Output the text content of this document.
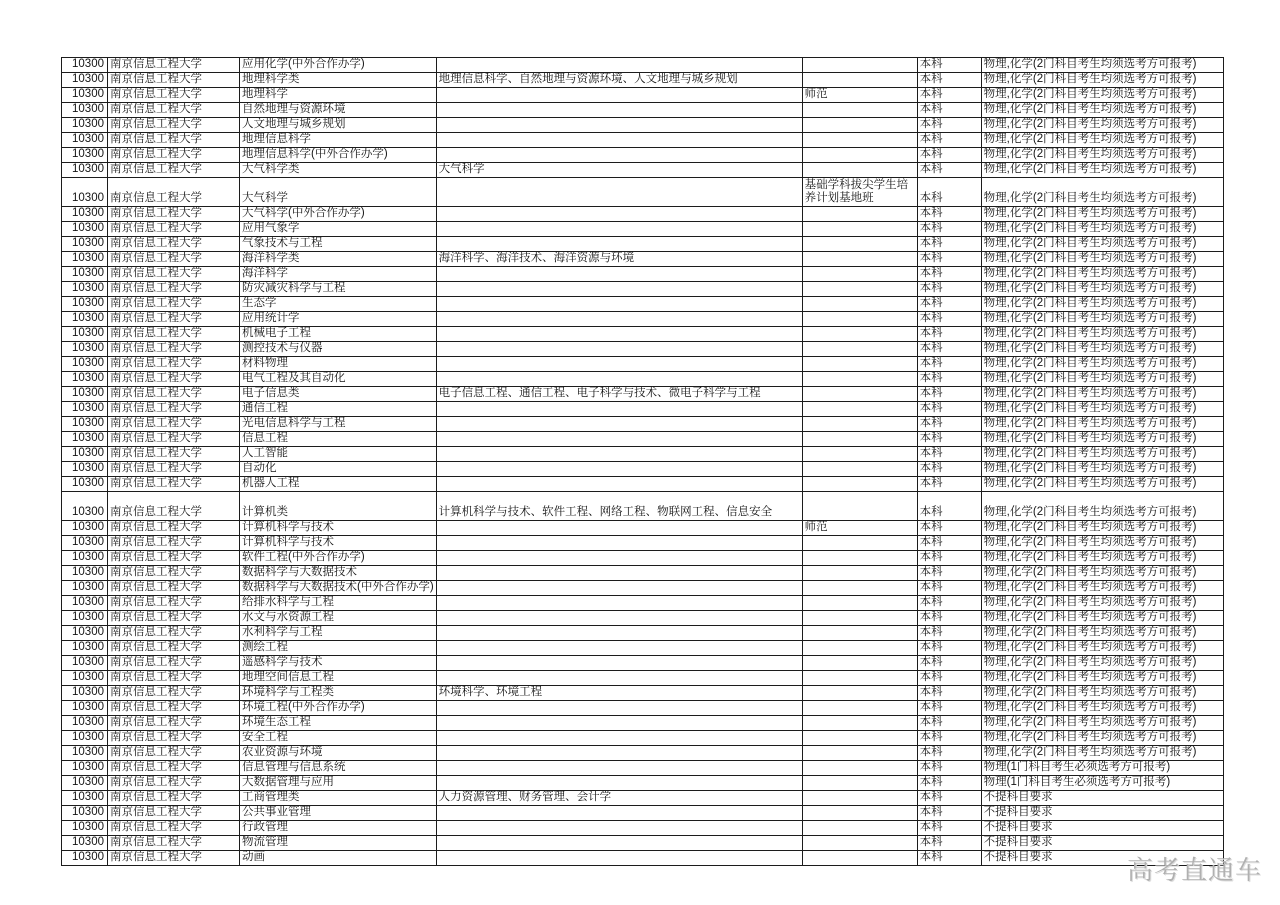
10300	南京信息工程大学	应用化学(中外合作办学)			本科	物理,化学(2门科目考生均须选考方可报考)
10300	南京信息工程大学	地理科学类	地理信息科学、自然地理与资源环境、人文地理与城乡规划		本科	物理,化学(2门科目考生均须选考方可报考)
10300	南京信息工程大学	地理科学		师范	本科	物理,化学(2门科目考生均须选考方可报考)
10300	南京信息工程大学	自然地理与资源环境			本科	物理,化学(2门科目考生均须选考方可报考)
10300	南京信息工程大学	人文地理与城乡规划			本科	物理,化学(2门科目考生均须选考方可报考)
10300	南京信息工程大学	地理信息科学			本科	物理,化学(2门科目考生均须选考方可报考)
10300	南京信息工程大学	地理信息科学(中外合作办学)			本科	物理,化学(2门科目考生均须选考方可报考)
10300	南京信息工程大学	大气科学类	大气科学		本科	物理,化学(2门科目考生均须选考方可报考)
10300	南京信息工程大学	大气科学		基础学科拔尖学生培养计划基地班	本科	物理,化学(2门科目考生均须选考方可报考)
10300	南京信息工程大学	大气科学(中外合作办学)			本科	物理,化学(2门科目考生均须选考方可报考)
10300	南京信息工程大学	应用气象学			本科	物理,化学(2门科目考生均须选考方可报考)
10300	南京信息工程大学	气象技术与工程			本科	物理,化学(2门科目考生均须选考方可报考)
10300	南京信息工程大学	海洋科学类	海洋科学、海洋技术、海洋资源与环境		本科	物理,化学(2门科目考生均须选考方可报考)
10300	南京信息工程大学	海洋科学			本科	物理,化学(2门科目考生均须选考方可报考)
10300	南京信息工程大学	防灾减灾科学与工程			本科	物理,化学(2门科目考生均须选考方可报考)
10300	南京信息工程大学	生态学			本科	物理,化学(2门科目考生均须选考方可报考)
10300	南京信息工程大学	应用统计学			本科	物理,化学(2门科目考生均须选考方可报考)
10300	南京信息工程大学	机械电子工程			本科	物理,化学(2门科目考生均须选考方可报考)
10300	南京信息工程大学	测控技术与仪器			本科	物理,化学(2门科目考生均须选考方可报考)
10300	南京信息工程大学	材料物理			本科	物理,化学(2门科目考生均须选考方可报考)
10300	南京信息工程大学	电气工程及其自动化			本科	物理,化学(2门科目考生均须选考方可报考)
10300	南京信息工程大学	电子信息类	电子信息工程、通信工程、电子科学与技术、微电子科学与工程		本科	物理,化学(2门科目考生均须选考方可报考)
10300	南京信息工程大学	通信工程			本科	物理,化学(2门科目考生均须选考方可报考)
10300	南京信息工程大学	光电信息科学与工程			本科	物理,化学(2门科目考生均须选考方可报考)
10300	南京信息工程大学	信息工程			本科	物理,化学(2门科目考生均须选考方可报考)
10300	南京信息工程大学	人工智能			本科	物理,化学(2门科目考生均须选考方可报考)
10300	南京信息工程大学	自动化			本科	物理,化学(2门科目考生均须选考方可报考)
10300	南京信息工程大学	机器人工程			本科	物理,化学(2门科目考生均须选考方可报考)
10300	南京信息工程大学	计算机类	计算机科学与技术、软件工程、网络工程、物联网工程、信息安全		本科	物理,化学(2门科目考生均须选考方可报考)
10300	南京信息工程大学	计算机科学与技术		师范	本科	物理,化学(2门科目考生均须选考方可报考)
10300	南京信息工程大学	计算机科学与技术			本科	物理,化学(2门科目考生均须选考方可报考)
10300	南京信息工程大学	软件工程(中外合作办学)			本科	物理,化学(2门科目考生均须选考方可报考)
10300	南京信息工程大学	数据科学与大数据技术			本科	物理,化学(2门科目考生均须选考方可报考)
10300	南京信息工程大学	数据科学与大数据技术(中外合作办学)			本科	物理,化学(2门科目考生均须选考方可报考)
10300	南京信息工程大学	给排水科学与工程			本科	物理,化学(2门科目考生均须选考方可报考)
10300	南京信息工程大学	水文与水资源工程			本科	物理,化学(2门科目考生均须选考方可报考)
10300	南京信息工程大学	水利科学与工程			本科	物理,化学(2门科目考生均须选考方可报考)
10300	南京信息工程大学	测绘工程			本科	物理,化学(2门科目考生均须选考方可报考)
10300	南京信息工程大学	遥感科学与技术			本科	物理,化学(2门科目考生均须选考方可报考)
10300	南京信息工程大学	地理空间信息工程			本科	物理,化学(2门科目考生均须选考方可报考)
10300	南京信息工程大学	环境科学与工程类	环境科学、环境工程		本科	物理,化学(2门科目考生均须选考方可报考)
10300	南京信息工程大学	环境工程(中外合作办学)			本科	物理,化学(2门科目考生均须选考方可报考)
10300	南京信息工程大学	环境生态工程			本科	物理,化学(2门科目考生均须选考方可报考)
10300	南京信息工程大学	安全工程			本科	物理,化学(2门科目考生均须选考方可报考)
10300	南京信息工程大学	农业资源与环境			本科	物理,化学(2门科目考生均须选考方可报考)
10300	南京信息工程大学	信息管理与信息系统			本科	物理(1门科目考生必须选考方可报考)
10300	南京信息工程大学	大数据管理与应用			本科	物理(1门科目考生必须选考方可报考)
10300	南京信息工程大学	工商管理类	人力资源管理、财务管理、会计学		本科	不提科目要求
10300	南京信息工程大学	公共事业管理			本科	不提科目要求
10300	南京信息工程大学	行政管理			本科	不提科目要求
10300	南京信息工程大学	物流管理			本科	不提科目要求
10300	南京信息工程大学	动画			本科	不提科目要求	高考直通车
